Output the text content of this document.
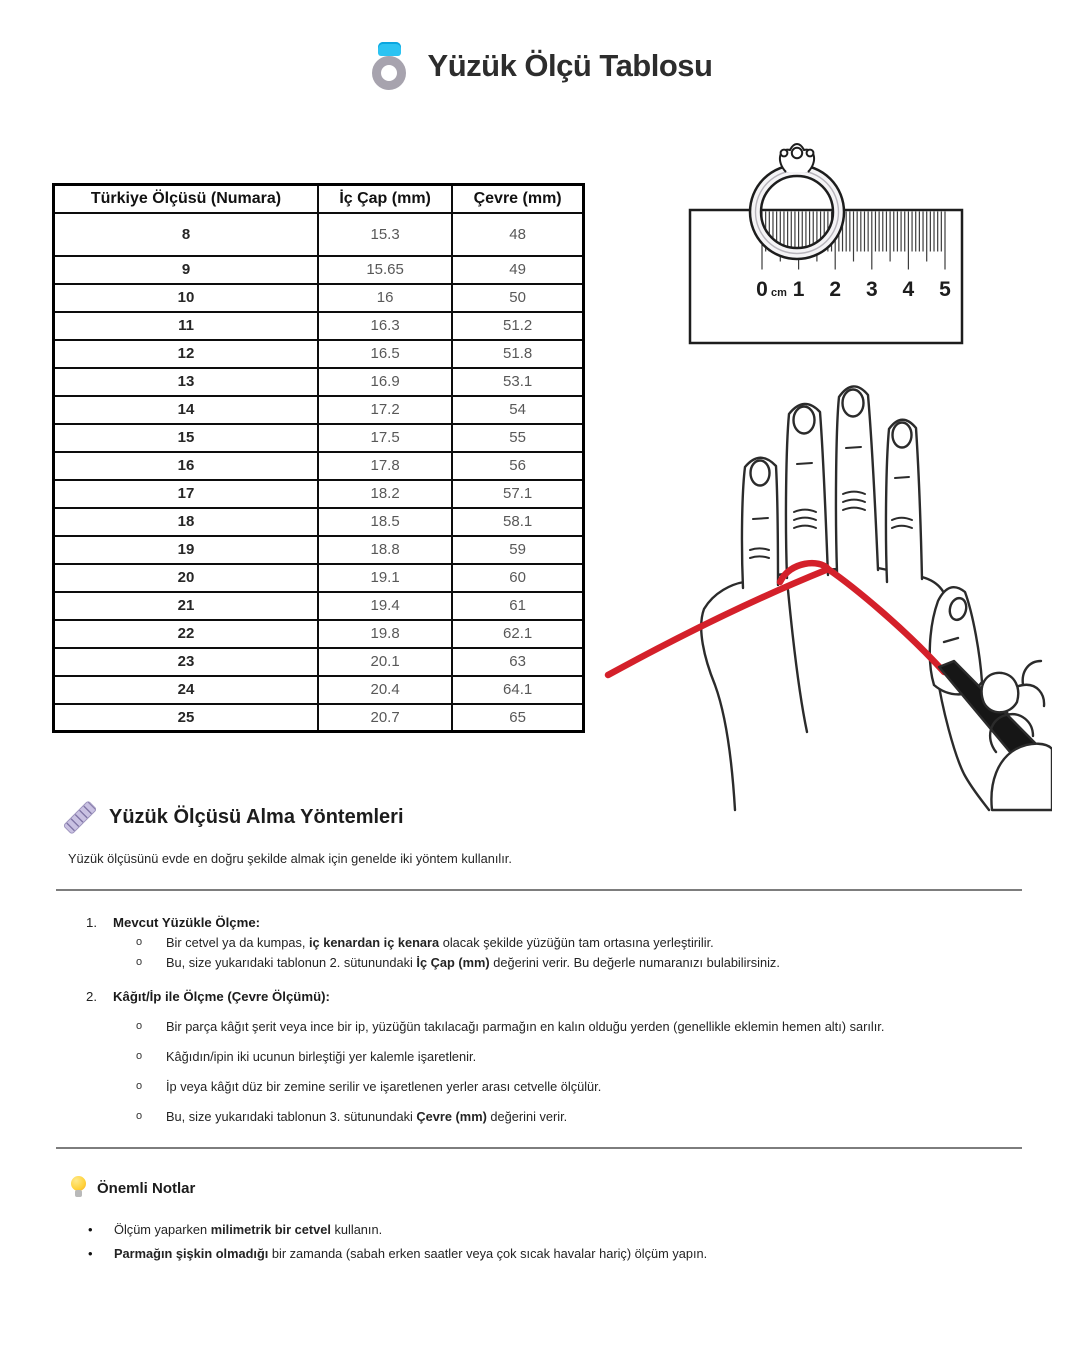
Yüzük Ölçü Tablosu
Türkiye Ölçüsü (Numara)	İç Çap (mm)	Çevre (mm)
8	15.3	48
9	15.65	49
10	16	50
11	16.3	51.2
12	16.5	51.8
13	16.9	53.1
14	17.2	54
15	17.5	55
16	17.8	56
17	18.2	57.1
18	18.5	58.1
19	18.8	59
20	19.1	60
21	19.4	61
22	19.8	62.1
23	20.1	63
24	20.4	64.1
25	20.7	65
0 cm 1 2 3 4 5
Yüzük Ölçüsü Alma Yöntemleri

Yüzük ölçüsünü evde en doğru şekilde almak için genelde iki yöntem kullanılır.

1.	Mevcut Yüzükle Ölçme:
o	Bir cetvel ya da kumpas, iç kenardan iç kenara olacak şekilde yüzüğün tam ortasına yerleştirilir.
o	Bu, size yukarıdaki tablonun 2. sütunundaki İç Çap (mm) değerini verir. Bu değerle numaranızı bulabilirsiniz.
2.	Kâğıt/İp ile Ölçme (Çevre Ölçümü):
o	Bir parça kâğıt şerit veya ince bir ip, yüzüğün takılacağı parmağın en kalın olduğu yerden (genellikle eklemin hemen altı) sarılır.
o	Kâğıdın/ipin iki ucunun birleştiği yer kalemle işaretlenir.
o	İp veya kâğıt düz bir zemine serilir ve işaretlenen yerler arası cetvelle ölçülür.
o	Bu, size yukarıdaki tablonun 3. sütunundaki Çevre (mm) değerini verir.
Önemli Notlar
•	Ölçüm yaparken milimetrik bir cetvel kullanın.
•	Parmağın şişkin olmadığı bir zamanda (sabah erken saatler veya çok sıcak havalar hariç) ölçüm yapın.
